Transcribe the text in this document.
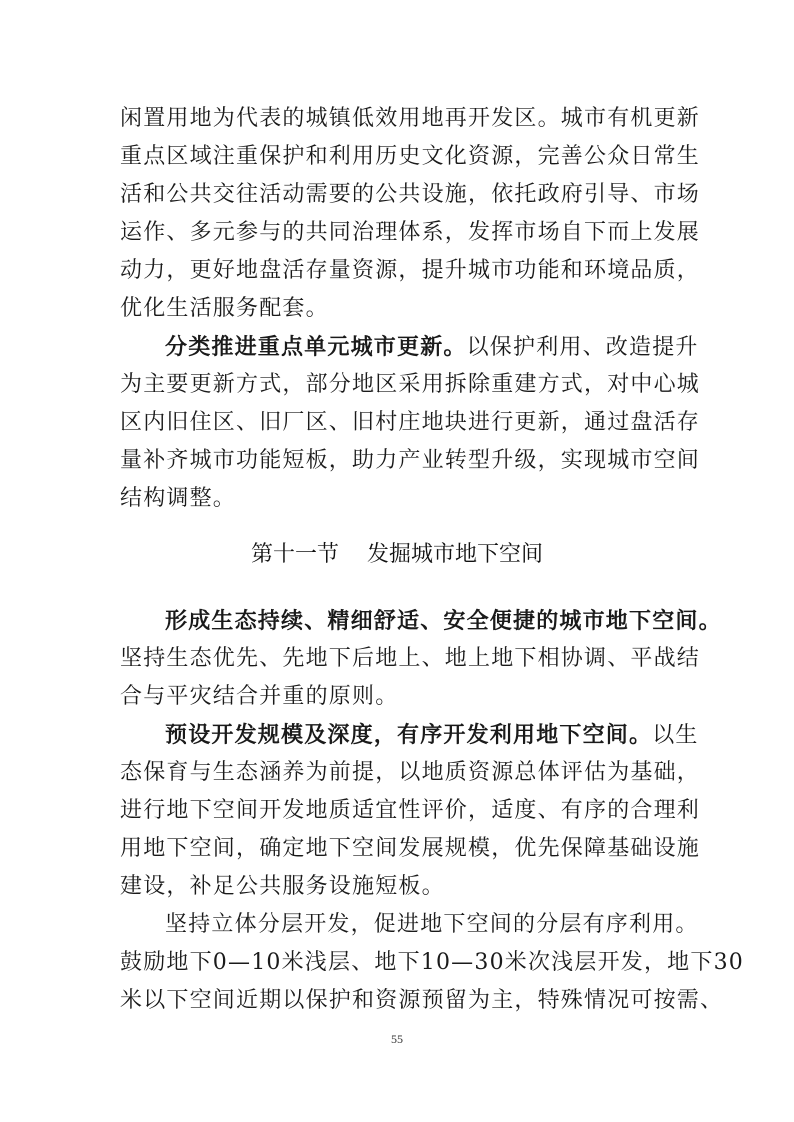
闲置用地为代表的城镇低效用地再开发区。城市有机更新
重点区域注重保护和利用历史文化资源，完善公众日常生
活和公共交往活动需要的公共设施，依托政府引导、市场
运作、多元参与的共同治理体系，发挥市场自下而上发展
动力，更好地盘活存量资源，提升城市功能和环境品质，
优化生活服务配套。
分类推进重点单元城市更新。以保护利用、改造提升
为主要更新方式，部分地区采用拆除重建方式，对中心城
区内旧住区、旧厂区、旧村庄地块进行更新，通过盘活存
量补齐城市功能短板，助力产业转型升级，实现城市空间
结构调整。
第十一节 发掘城市地下空间
形成生态持续、精细舒适、安全便捷的城市地下空间。
坚持生态优先、先地下后地上、地上地下相协调、平战结
合与平灾结合并重的原则。
预设开发规模及深度，有序开发利用地下空间。以生
态保育与生态涵养为前提，以地质资源总体评估为基础，
进行地下空间开发地质适宜性评价，适度、有序的合理利
用地下空间，确定地下空间发展规模，优先保障基础设施
建设，补足公共服务设施短板。
坚持立体分层开发，促进地下空间的分层有序利用。
鼓励地下0—10米浅层、地下10—30米次浅层开发，地下30
米以下空间近期以保护和资源预留为主，特殊情况可按需、
55
